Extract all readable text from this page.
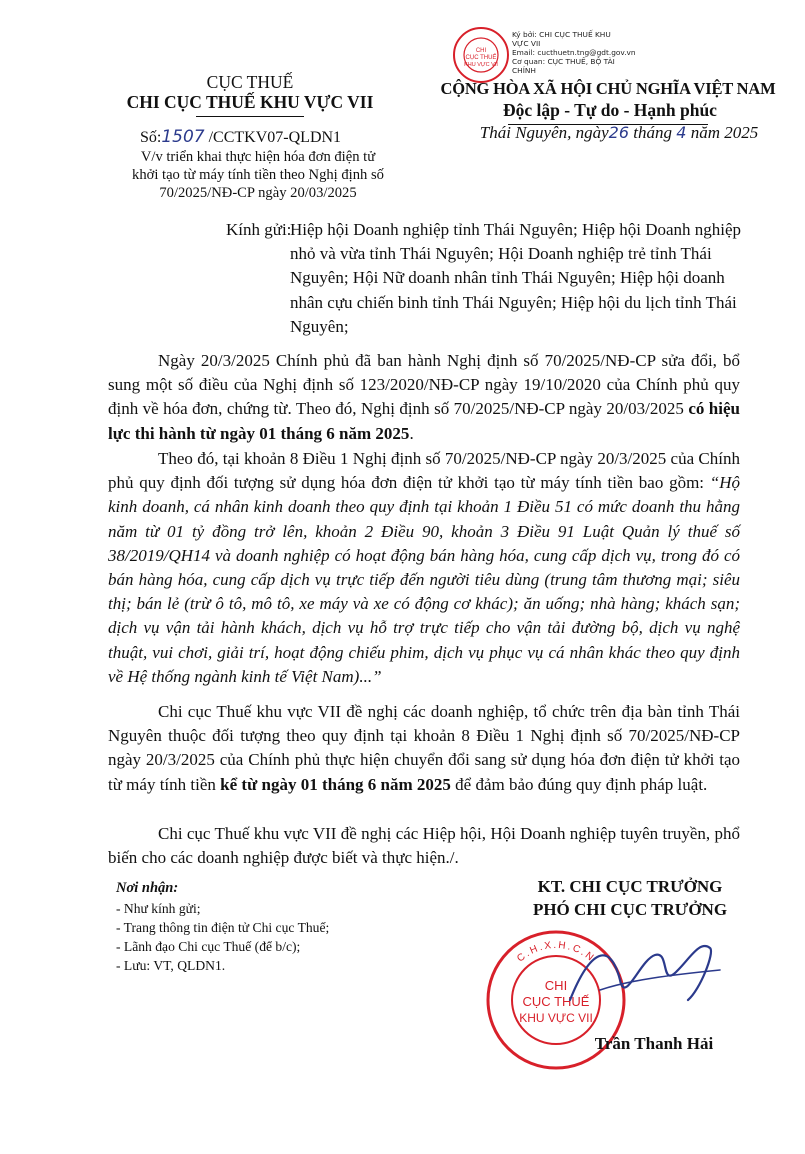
CHI
CỤC THUẾ
KHU VỰC VII
Ký bởi: CHI CỤC THUẾ KHU
VỰC VII
Email: cucthuetn.tng@gdt.gov.vn
Cơ quan: CỤC THUẾ, BỘ TÀI
CHÍNH
CỤC THUẾ
CHI CỤC THUẾ KHU VỰC VII
Số:1507 /CCTKV07-QLDN1
V/v triển khai thực hiện hóa đơn điện tử
khởi tạo từ máy tính tiền theo Nghị định số
70/2025/NĐ-CP ngày 20/03/2025
CỘNG HÒA XÃ HỘI CHỦ NGHĨA VIỆT NAM
Độc lập - Tự do - Hạnh phúc
Thái Nguyên, ngày26 tháng 4 năm 2025
Kính gửi:
Hiệp hội Doanh nghiệp tỉnh Thái Nguyên; Hiệp hội Doanh nghiệp nhỏ và vừa tỉnh Thái Nguyên; Hội Doanh nghiệp trẻ tỉnh Thái Nguyên; Hội Nữ doanh nhân tỉnh Thái Nguyên; Hiệp hội doanh nhân cựu chiến binh tỉnh Thái Nguyên; Hiệp hội du lịch tỉnh Thái Nguyên;
Ngày 20/3/2025 Chính phủ đã ban hành Nghị định số 70/2025/NĐ-CP sửa đổi, bổ sung một số điều của Nghị định số 123/2020/NĐ-CP ngày 19/10/2020 của Chính phủ quy định về hóa đơn, chứng từ. Theo đó, Nghị định số 70/2025/NĐ-CP ngày 20/03/2025 có hiệu lực thi hành từ ngày 01 tháng 6 năm 2025.
Theo đó, tại khoản 8 Điều 1 Nghị định số 70/2025/NĐ-CP ngày 20/3/2025 của Chính phủ quy định đối tượng sử dụng hóa đơn điện tử khởi tạo từ máy tính tiền bao gồm: “Hộ kinh doanh, cá nhân kinh doanh theo quy định tại khoản 1 Điều 51 có mức doanh thu hằng năm từ 01 tỷ đồng trở lên, khoản 2 Điều 90, khoản 3 Điều 91 Luật Quản lý thuế số 38/2019/QH14 và doanh nghiệp có hoạt động bán hàng hóa, cung cấp dịch vụ, trong đó có bán hàng hóa, cung cấp dịch vụ trực tiếp đến người tiêu dùng (trung tâm thương mại; siêu thị; bán lẻ (trừ ô tô, mô tô, xe máy và xe có động cơ khác); ăn uống; nhà hàng; khách sạn; dịch vụ vận tải hành khách, dịch vụ hỗ trợ trực tiếp cho vận tải đường bộ, dịch vụ nghệ thuật, vui chơi, giải trí, hoạt động chiếu phim, dịch vụ phục vụ cá nhân khác theo quy định về Hệ thống ngành kinh tế Việt Nam)...”
Chi cục Thuế khu vực VII đề nghị các doanh nghiệp, tổ chức trên địa bàn tỉnh Thái Nguyên thuộc đối tượng theo quy định tại khoản 8 Điều 1 Nghị định số 70/2025/NĐ-CP ngày 20/3/2025 của Chính phủ thực hiện chuyển đổi sang sử dụng hóa đơn điện tử khởi tạo từ máy tính tiền kể từ ngày 01 tháng 6 năm 2025 để đảm bảo đúng quy định pháp luật.
Chi cục Thuế khu vực VII đề nghị các Hiệp hội, Hội Doanh nghiệp tuyên truyền, phổ biến cho các doanh nghiệp được biết và thực hiện./.
Nơi nhận:
- Như kính gửi;
- Trang thông tin điện tử Chi cục Thuế;
- Lãnh đạo Chi cục Thuế (để b/c);
- Lưu: VT, QLDN1.
KT. CHI CỤC TRƯỞNG
PHÓ CHI CỤC TRƯỞNG
C.H.X.H.C.N
CHI
CỤC THUẾ
KHU VỰC VII
Trần Thanh Hải
